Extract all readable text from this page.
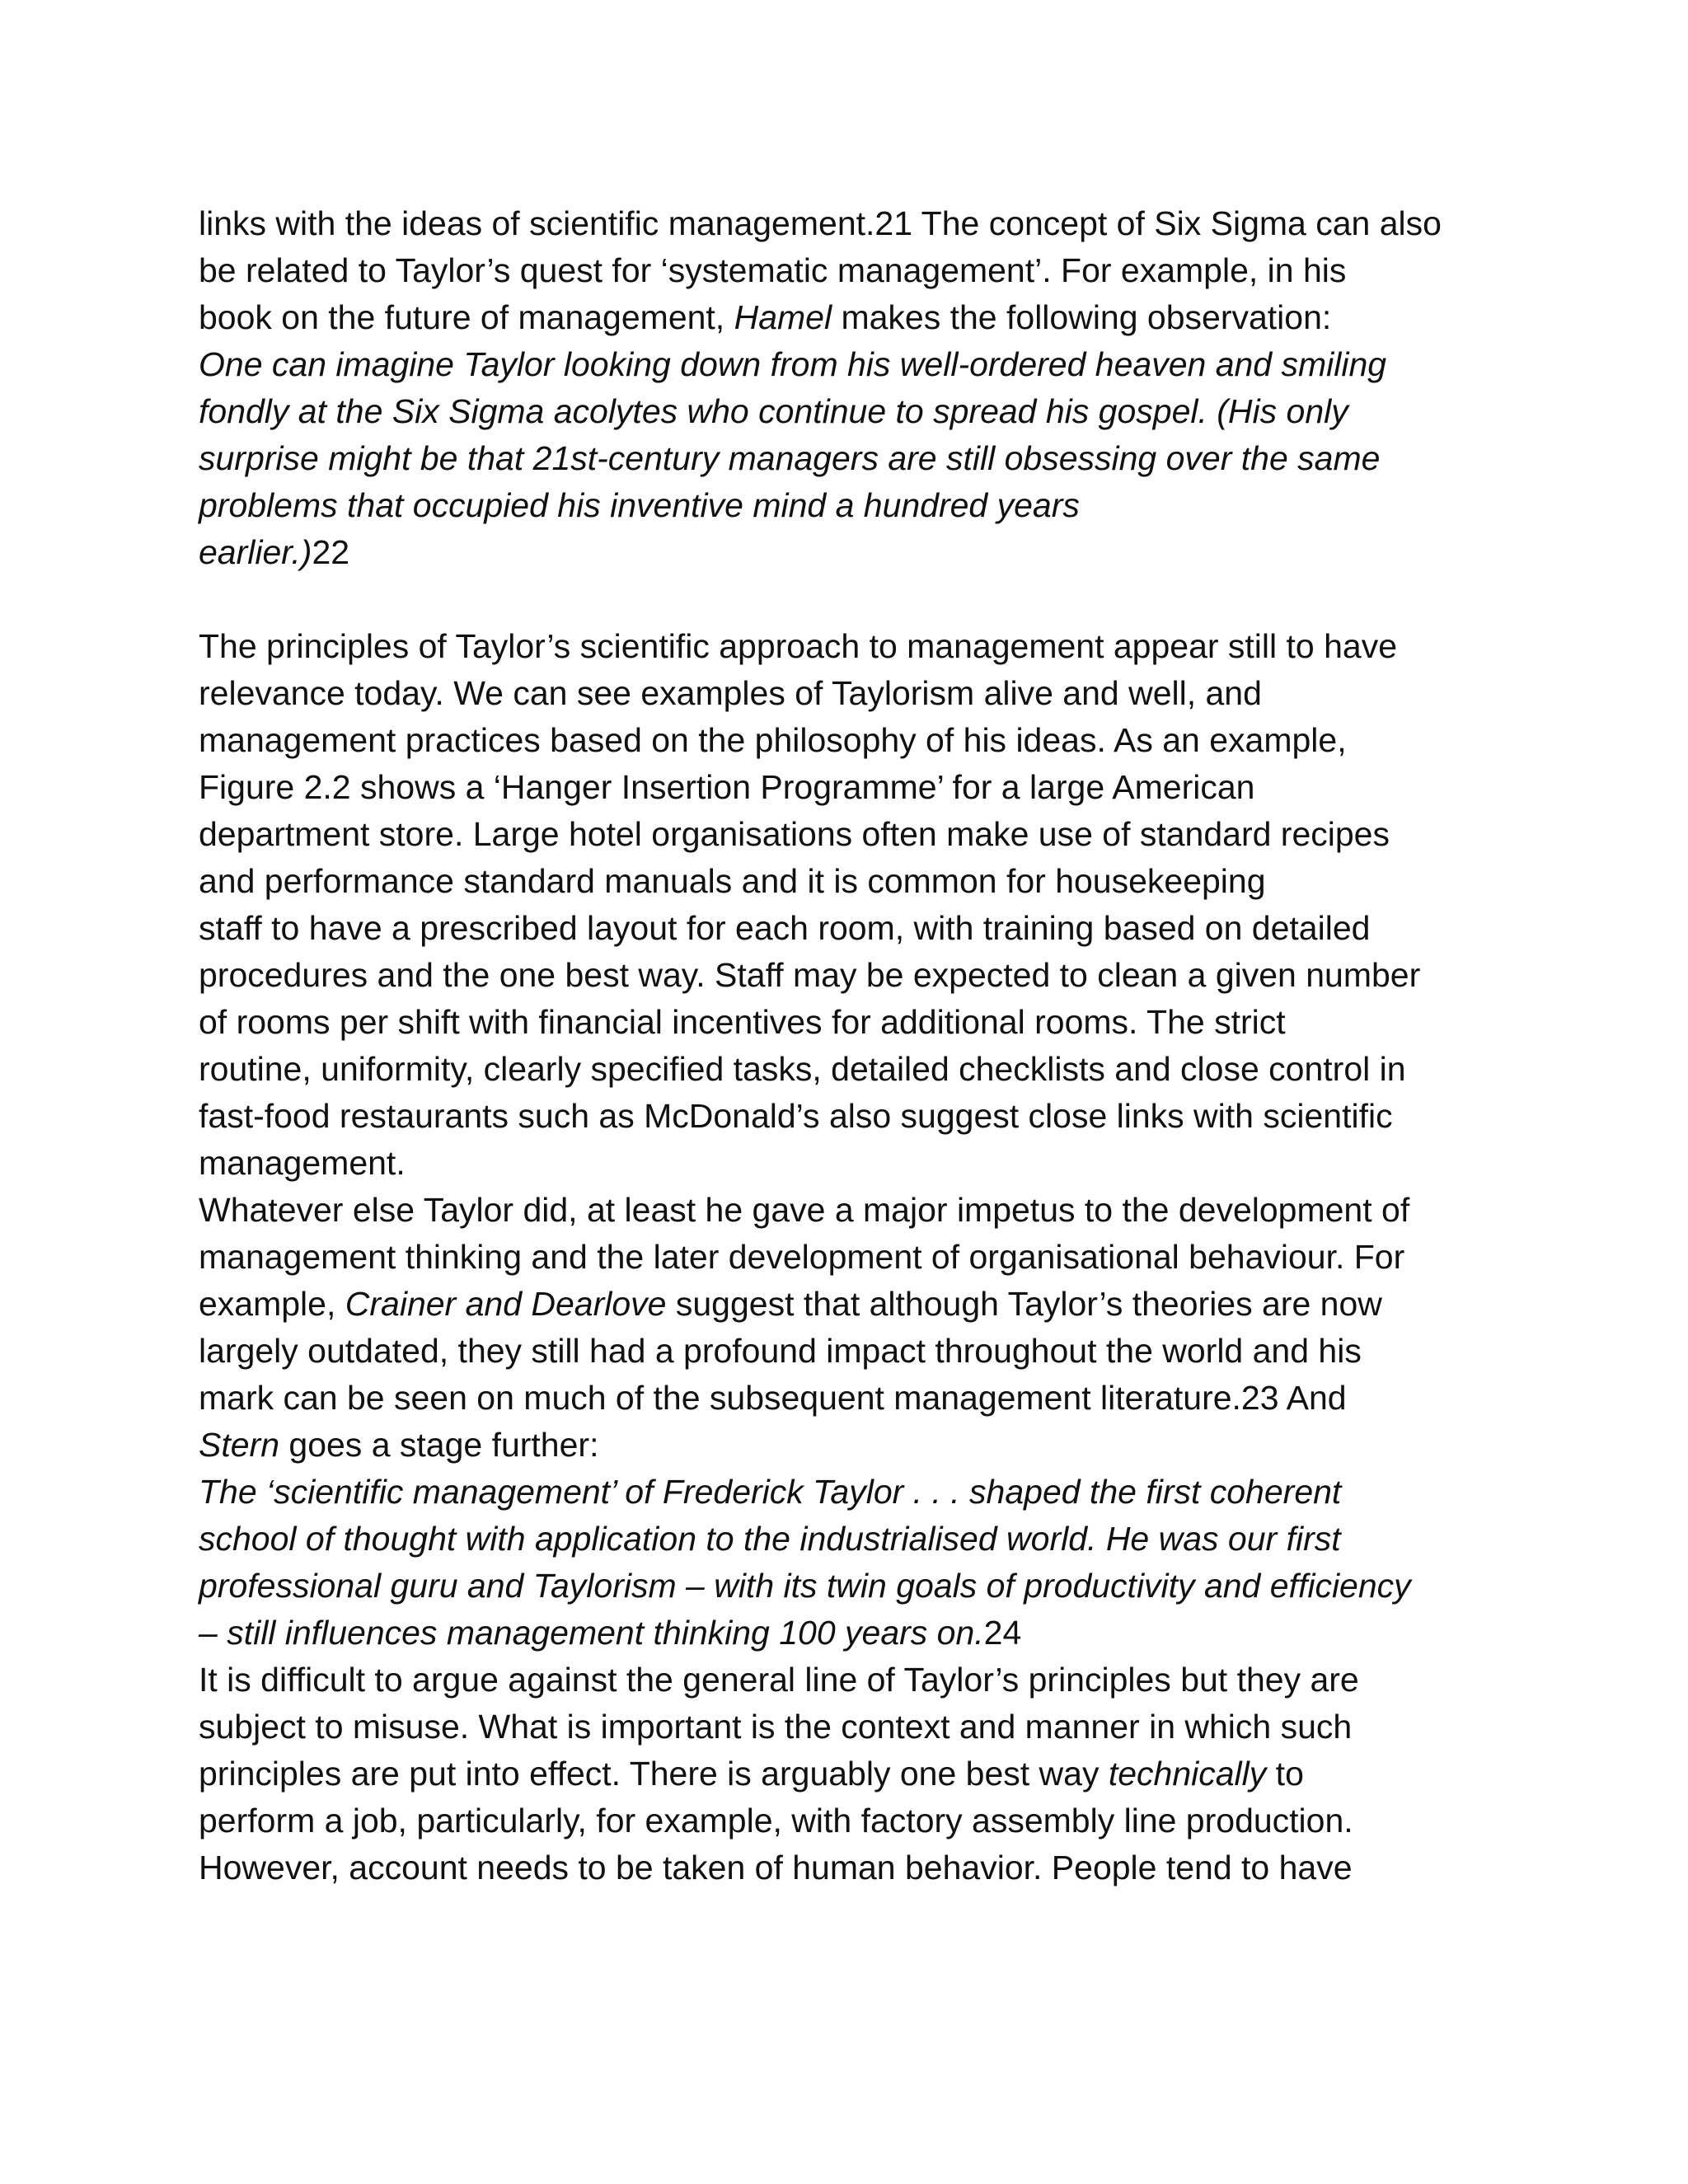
links with the ideas of scientific management.21 The concept of Six Sigma can also
be related to Taylor’s quest for ‘systematic management’. For example, in his
book on the future of management, Hamel makes the following observation:
One can imagine Taylor looking down from his well-ordered heaven and smiling
fondly at the Six Sigma acolytes who continue to spread his gospel. (His only
surprise might be that 21st-century managers are still obsessing over the same
problems that occupied his inventive mind a hundred years
earlier.)22
The principles of Taylor’s scientific approach to management appear still to have
relevance today. We can see examples of Taylorism alive and well, and
management practices based on the philosophy of his ideas. As an example,
Figure 2.2 shows a ‘Hanger Insertion Programme’ for a large American
department store. Large hotel organisations often make use of standard recipes
and performance standard manuals and it is common for housekeeping
staff to have a prescribed layout for each room, with training based on detailed
procedures and the one best way. Staff may be expected to clean a given number
of rooms per shift with financial incentives for additional rooms. The strict
routine, uniformity, clearly specified tasks, detailed checklists and close control in
fast-food restaurants such as McDonald’s also suggest close links with scientific
management.
Whatever else Taylor did, at least he gave a major impetus to the development of
management thinking and the later development of organisational behaviour. For
example, Crainer and Dearlove suggest that although Taylor’s theories are now
largely outdated, they still had a profound impact throughout the world and his
mark can be seen on much of the subsequent management literature.23 And
Stern goes a stage further:
The ‘scientific management’ of Frederick Taylor . . . shaped the first coherent
school of thought with application to the industrialised world. He was our first
professional guru and Taylorism – with its twin goals of productivity and efficiency
– still influences management thinking 100 years on.24
It is difficult to argue against the general line of Taylor’s principles but they are
subject to misuse. What is important is the context and manner in which such
principles are put into effect. There is arguably one best way technically to
perform a job, particularly, for example, with factory assembly line production.
However, account needs to be taken of human behavior. People tend to have
